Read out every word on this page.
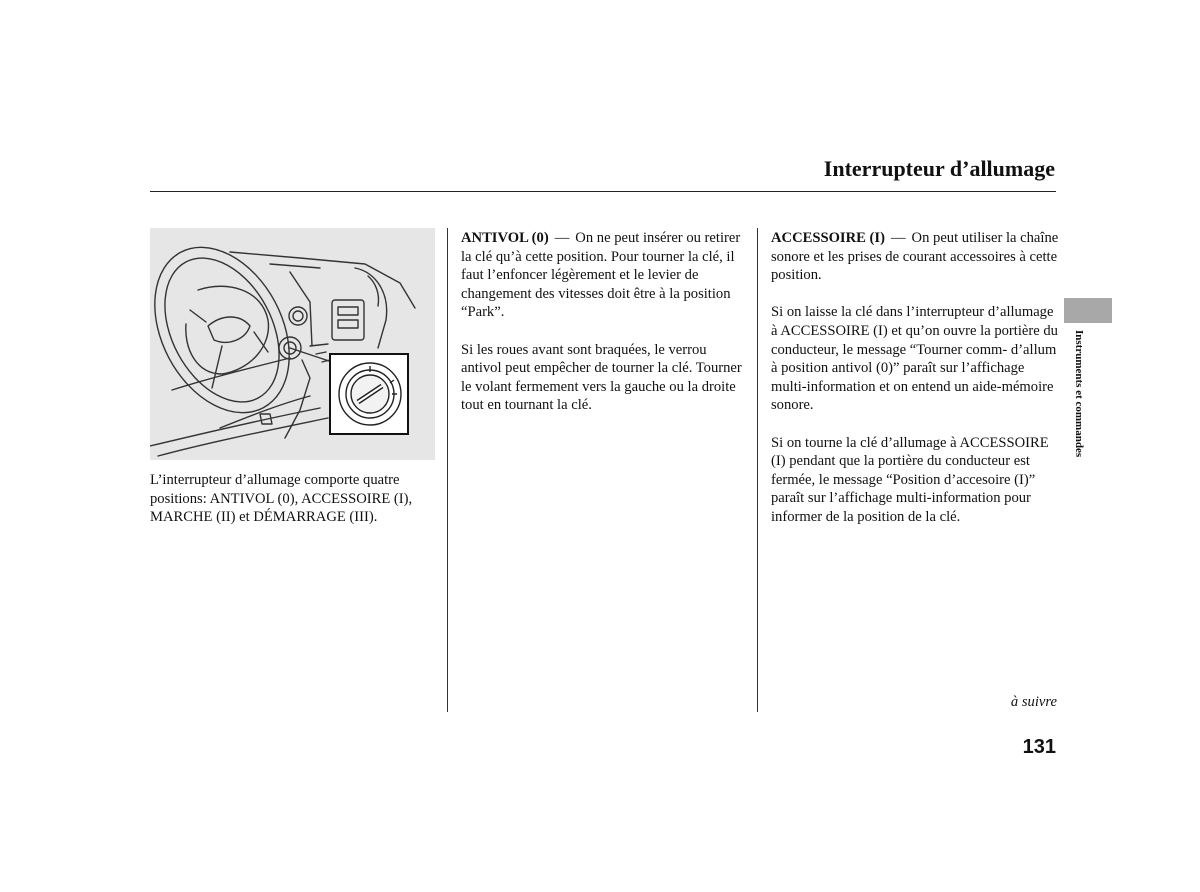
Interrupteur d’allumage

L’interrupteur d’allumage comporte quatre positions: ANTIVOL (0), ACCESSOIRE (I), MARCHE (II) et DÉMARRAGE (III).

ANTIVOL (0) — On ne peut insérer ou retirer la clé qu’à cette position. Pour tourner la clé, il faut l’enfoncer légèrement et le levier de changement des vitesses doit être à la position “Park”.

Si les roues avant sont braquées, le verrou antivol peut empêcher de tourner la clé. Tourner le volant fermement vers la gauche ou la droite tout en tournant la clé.

ACCESSOIRE (I) — On peut utiliser la chaîne sonore et les prises de courant accessoires à cette position.

Si on laisse la clé dans l’interrupteur d’allumage à ACCESSOIRE (I) et qu’on ouvre la portière du conducteur, le message “Tourner comm- d’allum à position antivol (0)” paraît sur l’affichage multi-information et on entend un aide-mémoire sonore.

Si on tourne la clé d’allumage à ACCESSOIRE (I) pendant que la portière du conducteur est fermée, le message “Position d’accesoire (I)” paraît sur l’affichage multi-information pour informer de la position de la clé.

Instruments et commandes
à suivre
131
